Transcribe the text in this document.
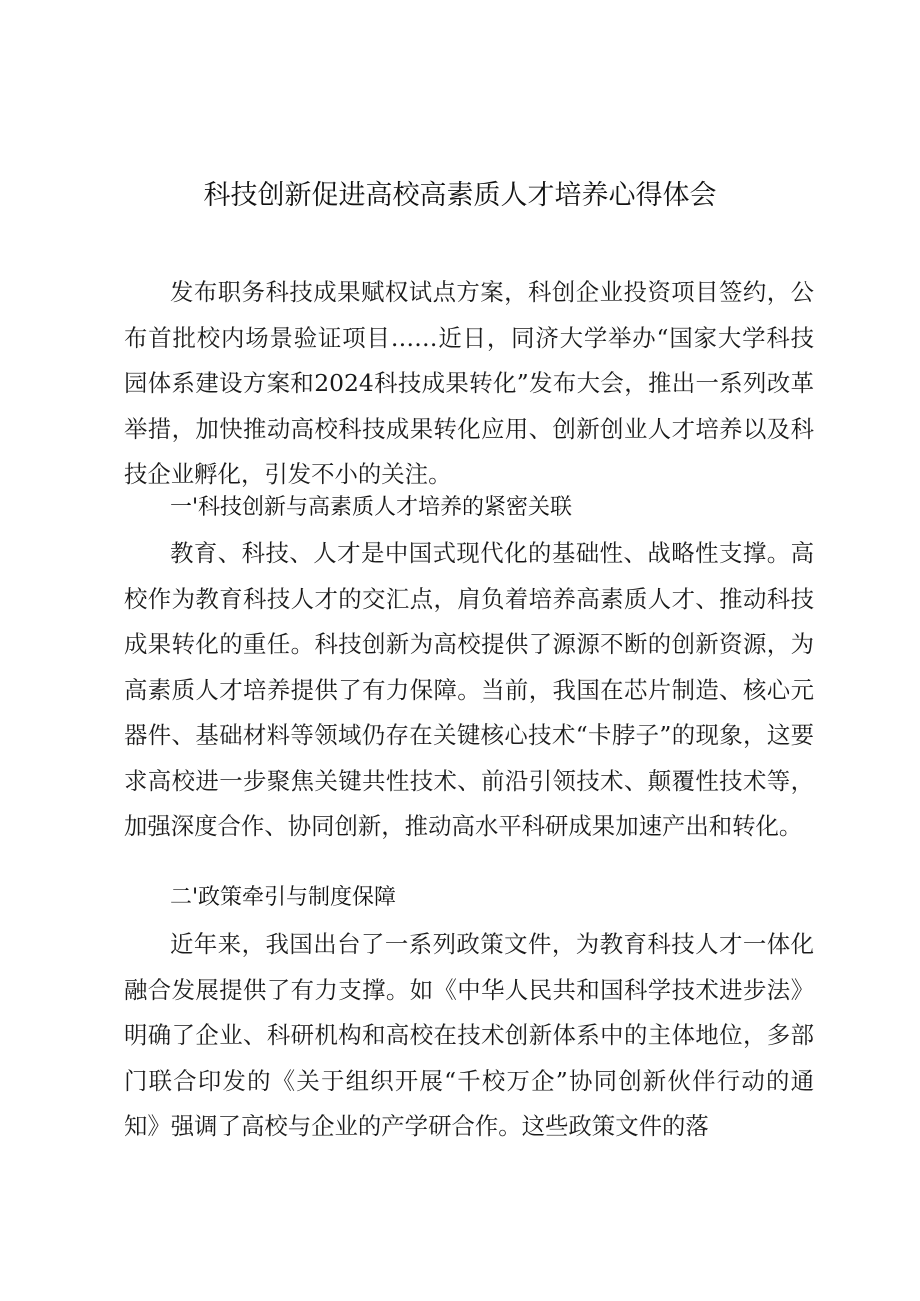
科技创新促进高校高素质人才培养心得体会

发布职务科技成果赋权试点方案，科创企业投资项目签约，公布首批校内场景验证项目……近日，同济大学举办“国家大学科技园体系建设方案和2024科技成果转化”发布大会，推出一系列改革举措，加快推动高校科技成果转化应用、创新创业人才培养以及科技企业孵化，引发不小的关注。

一'科技创新与高素质人才培养的紧密关联

教育、科技、人才是中国式现代化的基础性、战略性支撑。高校作为教育科技人才的交汇点，肩负着培养高素质人才、推动科技成果转化的重任。科技创新为高校提供了源源不断的创新资源，为高素质人才培养提供了有力保障。当前，我国在芯片制造、核心元器件、基础材料等领域仍存在关键核心技术“卡脖子”的现象，这要求高校进一步聚焦关键共性技术、前沿引领技术、颠覆性技术等，加强深度合作、协同创新，推动高水平科研成果加速产出和转化。

二'政策牵引与制度保障

近年来，我国出台了一系列政策文件，为教育科技人才一体化融合发展提供了有力支撑。如《中华人民共和国科学技术进步法》明确了企业、科研机构和高校在技术创新体系中的主体地位，多部门联合印发的《关于组织开展“千校万企”协同创新伙伴行动的通知》强调了高校与企业的产学研合作。这些政策文件的落
